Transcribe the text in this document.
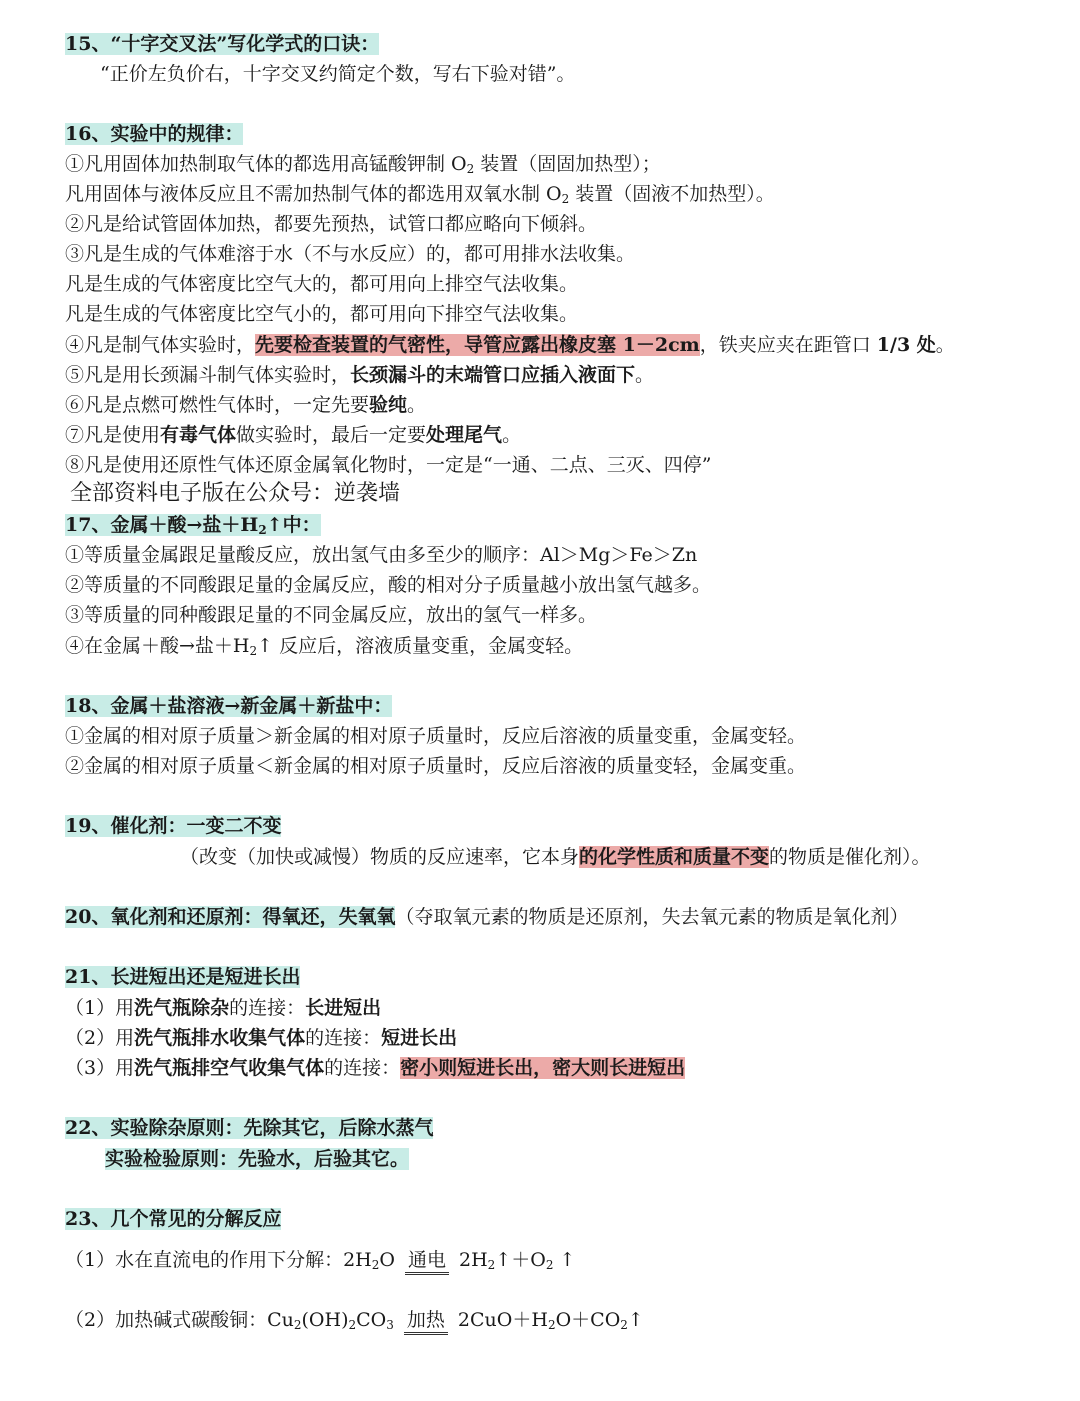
15、“十字交叉法”写化学式的口诀：
“正价左负价右，十字交叉约简定个数，写右下验对错”。
16、实验中的规律：
①凡用固体加热制取气体的都选用高锰酸钾制 $O_2$ 装置（固固加热型）；
凡用固体与液体反应且不需加热制气体的都选用双氧水制 $O_2$ 装置（固液不加热型）。
②凡是给试管固体加热，都要先预热，试管口都应略向下倾斜。
③凡是生成的气体难溶于水（不与水反应）的，都可用排水法收集。
凡是生成的气体密度比空气大的，都可用向上排空气法收集。
凡是生成的气体密度比空气小的，都可用向下排空气法收集。
④凡是制气体实验时，先要检查装置的气密性，导管应露出橡皮塞 1－2cm，铁夹应夹在距管口 1/3 处。
⑤凡是用长颈漏斗制气体实验时，长颈漏斗的末端管口应插入液面下。
⑥凡是点燃可燃性气体时，一定先要验纯。
⑦凡是使用有毒气体做实验时，最后一定要处理尾气。
⑧凡是使用还原性气体还原金属氧化物时，一定是“一通、二点、三灭、四停”
全部资料电子版在公众号：逆袭墙
17、金属＋酸→盐$+H_2↑$中：
①等质量金属跟足量酸反应，放出氢气由多至少的顺序：Al＞Mg＞Fe＞Zn
②等质量的不同酸跟足量的金属反应，酸的相对分子质量越小放出氢气越多。
③等质量的同种酸跟足量的不同金属反应，放出的氢气一样多。
④在金属＋酸→盐$+H_2↑$ 反应后，溶液质量变重，金属变轻。
18、金属＋盐溶液→新金属＋新盐中：
①金属的相对原子质量＞新金属的相对原子质量时，反应后溶液的质量变重，金属变轻。
②金属的相对原子质量＜新金属的相对原子质量时，反应后溶液的质量变轻，金属变重。
19、催化剂：一变二不变
（改变（加快或减慢）物质的反应速率，它本身的化学性质和质量不变的物质是催化剂）。
20、氧化剂和还原剂：得氧还，失氧氧（夺取氧元素的物质是还原剂，失去氧元素的物质是氧化剂）
21、长进短出还是短进长出
（1）用洗气瓶除杂的连接：长进短出
（2）用洗气瓶排水收集气体的连接：短进长出
（3）用洗气瓶排空气收集气体的连接：密小则短进长出，密大则长进短出
22、实验除杂原则：先除其它，后除水蒸气
实验检验原则：先验水，后验其它。
23、几个常见的分解反应
（1）水在直流电的作用下分解：$2H_2O$ 通电 $2H_2↑+O_2$ ↑
（2）加热碱式碳酸铜：$Cu_2(OH)_2CO_3$ 加热 $2CuO+H_2O+CO_2↑$
